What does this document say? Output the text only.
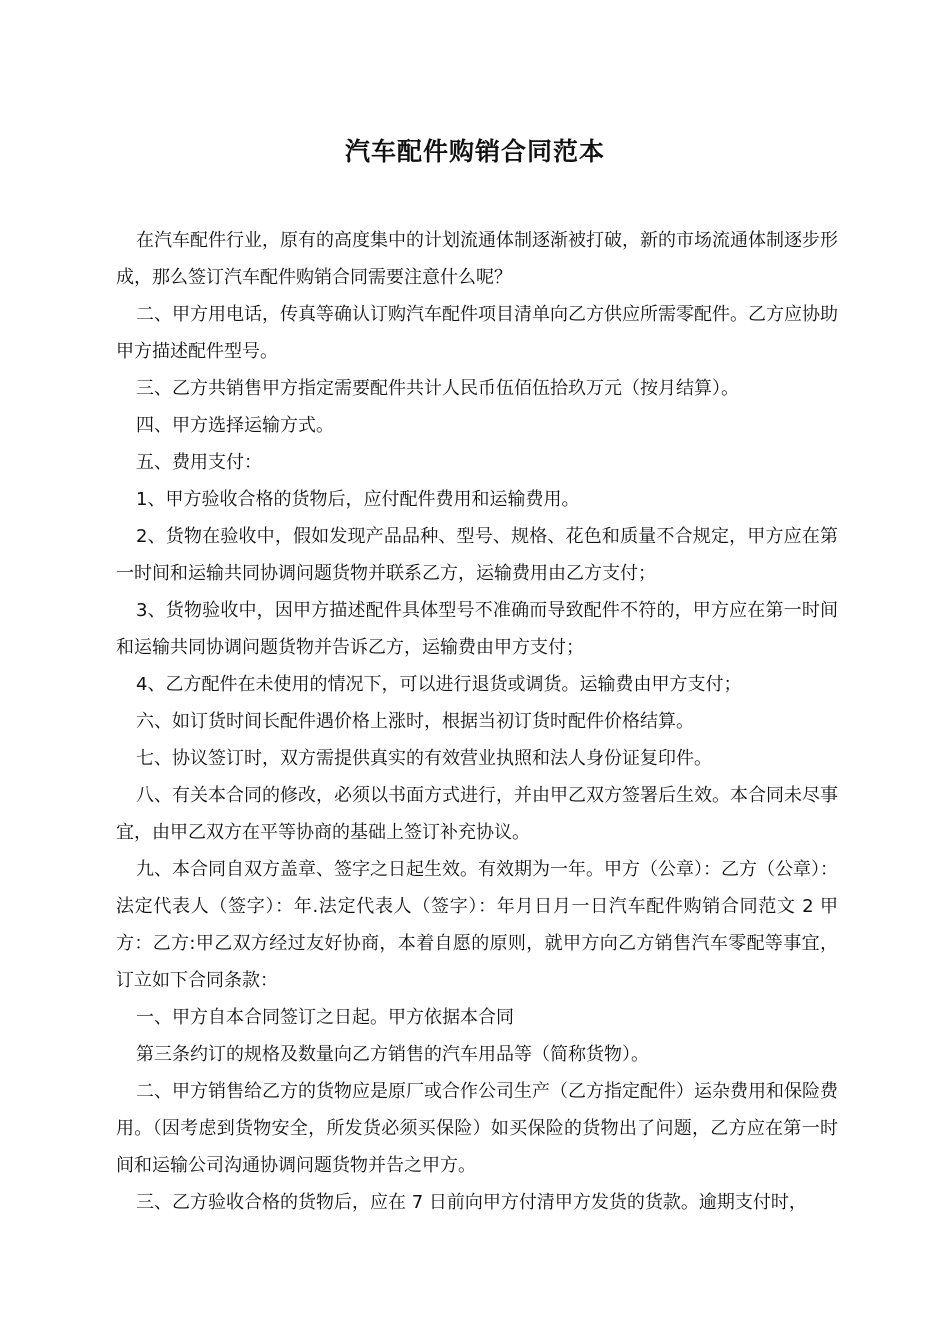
汽车配件购销合同范本

在汽车配件行业，原有的高度集中的计划流通体制逐渐被打破，新的市场流通体制逐步形成，那么签订汽车配件购销合同需要注意什么呢？

二、甲方用电话，传真等确认订购汽车配件项目清单向乙方供应所需零配件。乙方应协助甲方描述配件型号。

三、乙方共销售甲方指定需要配件共计人民币伍佰伍拾玖万元（按月结算）。

四、甲方选择运输方式。

五、费用支付：

1、甲方验收合格的货物后，应付配件费用和运输费用。

2、货物在验收中，假如发现产品品种、型号、规格、花色和质量不合规定，甲方应在第一时间和运输共同协调问题货物并联系乙方，运输费用由乙方支付；

3、货物验收中，因甲方描述配件具体型号不准确而导致配件不符的，甲方应在第一时间和运输共同协调问题货物并告诉乙方，运输费由甲方支付；

4、乙方配件在未使用的情况下，可以进行退货或调货。运输费由甲方支付；

六、如订货时间长配件遇价格上涨时，根据当初订货时配件价格结算。

七、协议签订时，双方需提供真实的有效营业执照和法人身份证复印件。

八、有关本合同的修改，必须以书面方式进行，并由甲乙双方签署后生效。本合同未尽事宜，由甲乙双方在平等协商的基础上签订补充协议。

九、本合同自双方盖章、签字之日起生效。有效期为一年。甲方（公章）：乙方（公章）：法定代表人（签字）：年.法定代表人（签字）：年月日月一日汽车配件购销合同范文 2 甲方：乙方:甲乙双方经过友好协商，本着自愿的原则，就甲方向乙方销售汽车零配等事宜，订立如下合同条款：

一、甲方自本合同签订之日起。甲方依据本合同

第三条约订的规格及数量向乙方销售的汽车用品等（简称货物）。

二、甲方销售给乙方的货物应是原厂或合作公司生产（乙方指定配件）运杂费用和保险费用。（因考虑到货物安全，所发货必须买保险）如买保险的货物出了问题，乙方应在第一时间和运输公司沟通协调问题货物并告之甲方。

三、乙方验收合格的货物后，应在 7 日前向甲方付清甲方发货的货款。逾期支付时，
